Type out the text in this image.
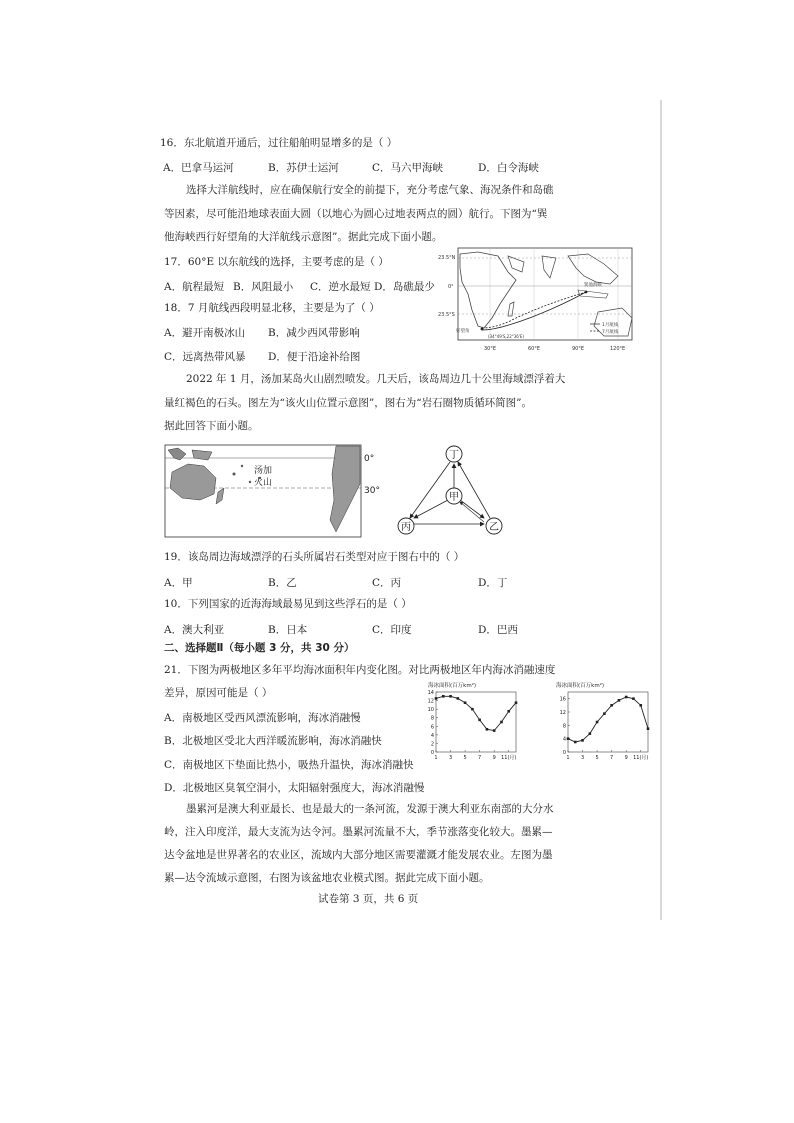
16．东北航道开通后，过往船舶明显增多的是（ ）
A．巴拿马运河	B．苏伊士运河	C．马六甲海峡	D．白令海峡
选择大洋航线时，应在确保航行安全的前提下，充分考虑气象、海况条件和岛礁
等因素，尽可能沿地球表面大圆（以地心为圆心过地表两点的圆）航行。下图为“巽
他海峡西行好望角的大洋航线示意图”。据此完成下面小题。
17．60°E 以东航线的选择，主要考虑的是（ ）
A．航程最短 B．风阻最小 C．逆水最短 D．岛礁最少
18．7 月航线西段明显北移，主要是为了（ ）
A．避开南极冰山 B．减少西风带影响
C．远离热带风暴 D．便于沿途补给图
23.5°N
0°
23.5°S
30°E	60°E	90°E	120°E
巽他海峡
好望角
(34°49'S,22°36'E)
1月航线
7月航线
2022 年 1 月，汤加某岛火山剧烈喷发。几天后，该岛周边几十公里海域漂浮着大
量红褐色的石头。图左为“该火山位置示意图”，图右为“岩石圈物质循环简图”。
据此回答下面小题。
汤加
火山
0°
30°
丁
甲
丙	乙
19．该岛周边海域漂浮的石头所属岩石类型对应于图右中的（ ）
A．甲	B．乙	C．丙	D．丁
10．下列国家的近海海域最易见到这些浮石的是（ ）
A．澳大利亚	B．日本	C．印度	D．巴西
二、选择题Ⅱ（每小题 3 分，共 30 分）
21．下图为两极地区多年平均海冰面积年内变化图。对比两极地区年内海冰消融速度
差异，原因可能是（ ）
A．南极地区受西风漂流影响，海冰消融慢
B．北极地区受北大西洋暖流影响，海冰消融快
C．南极地区下垫面比热小，吸热升温快，海冰消融快
D．北极地区臭氧空洞小，太阳辐射强度大，海冰消融慢
海冰面积(百万km²)
0
2
4
6
8
10
12
14
1 3 5 7 9 11(月)
海冰面积(百万km²)
0
4
8
12
16
1 3 5 7 9 11(月)
墨累河是澳大利亚最长、也是最大的一条河流，发源于澳大利亚东南部的大分水
岭，注入印度洋，最大支流为达令河。墨累河流量不大，季节涨落变化较大。墨累—
达令盆地是世界著名的农业区，流域内大部分地区需要灌溉才能发展农业。左图为墨
累—达令流域示意图，右图为该盆地农业模式图。据此完成下面小题。
试卷第 3 页，共 6 页
